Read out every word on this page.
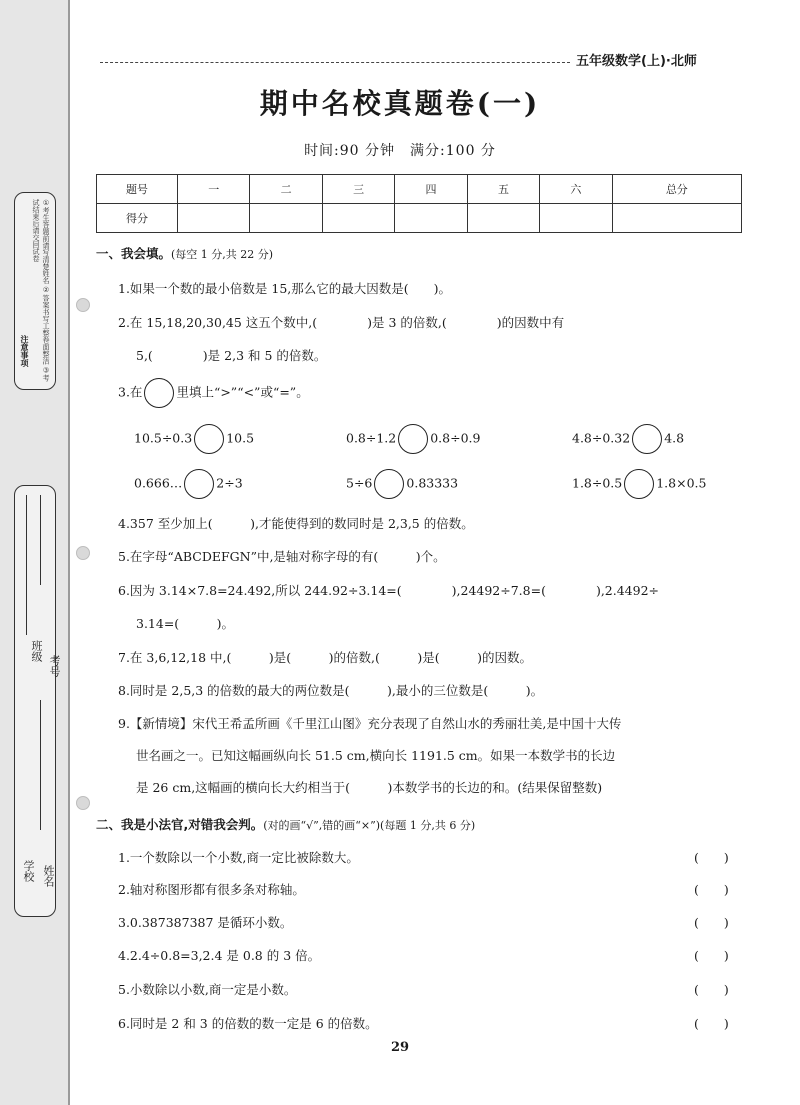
①考生答题前请写清楚姓名 ②答案书写工整卷面整洁 ③考试结束后请交回试卷
注意事项
班级
考号
学校 姓名
五年级数学(上)·北师
期中名校真题卷(一)
时间:90 分钟　满分:100 分
题号	一	二	三	四	五	六	总分
得分							
一、我会填。(每空 1 分,共 22 分)
1.如果一个数的最小倍数是 15,那么它的最大因数是(　　)。
2.在 15,18,20,30,45 这五个数中,(　　　　)是 3 的倍数,(　　　　)的因数中有
5,(　　　　)是 2,3 和 5 的倍数。
3.在	里填上“>”“<”或“=”。
10.5÷0.3	10.5	0.8÷1.2	0.8÷0.9	4.8÷0.32	4.8
0.666…	2÷3	5÷6	0.83333	1.8÷0.5	1.8×0.5
4.357 至少加上(　　　),才能使得到的数同时是 2,3,5 的倍数。
5.在字母“ABCDEFGN”中,是轴对称字母的有(　　　)个。
6.因为 3.14×7.8=24.492,所以 244.92÷3.14=(　　　　),24492÷7.8=(　　　　),2.4492÷
3.14=(　　　)。
7.在 3,6,12,18 中,(　　　)是(　　　)的倍数,(　　　)是(　　　)的因数。
8.同时是 2,5,3 的倍数的最大的两位数是(　　　),最小的三位数是(　　　)。
9.【新情境】宋代王希孟所画《千里江山图》充分表现了自然山水的秀丽壮美,是中国十大传
世名画之一。已知这幅画纵向长 51.5 cm,横向长 1191.5 cm。如果一本数学书的长边
是 26 cm,这幅画的横向长大约相当于(　　　)本数学书的长边的和。(结果保留整数)
二、我是小法官,对错我会判。(对的画“√”,错的画“×”)(每题 1 分,共 6 分)
1.一个数除以一个小数,商一定比被除数大。	(　　)
2.轴对称图形都有很多条对称轴。	(　　)
3.0.387387387 是循环小数。	(　　)
4.2.4÷0.8=3,2.4 是 0.8 的 3 倍。	(　　)
5.小数除以小数,商一定是小数。	(　　)
6.同时是 2 和 3 的倍数的数一定是 6 的倍数。	(　　)
29
